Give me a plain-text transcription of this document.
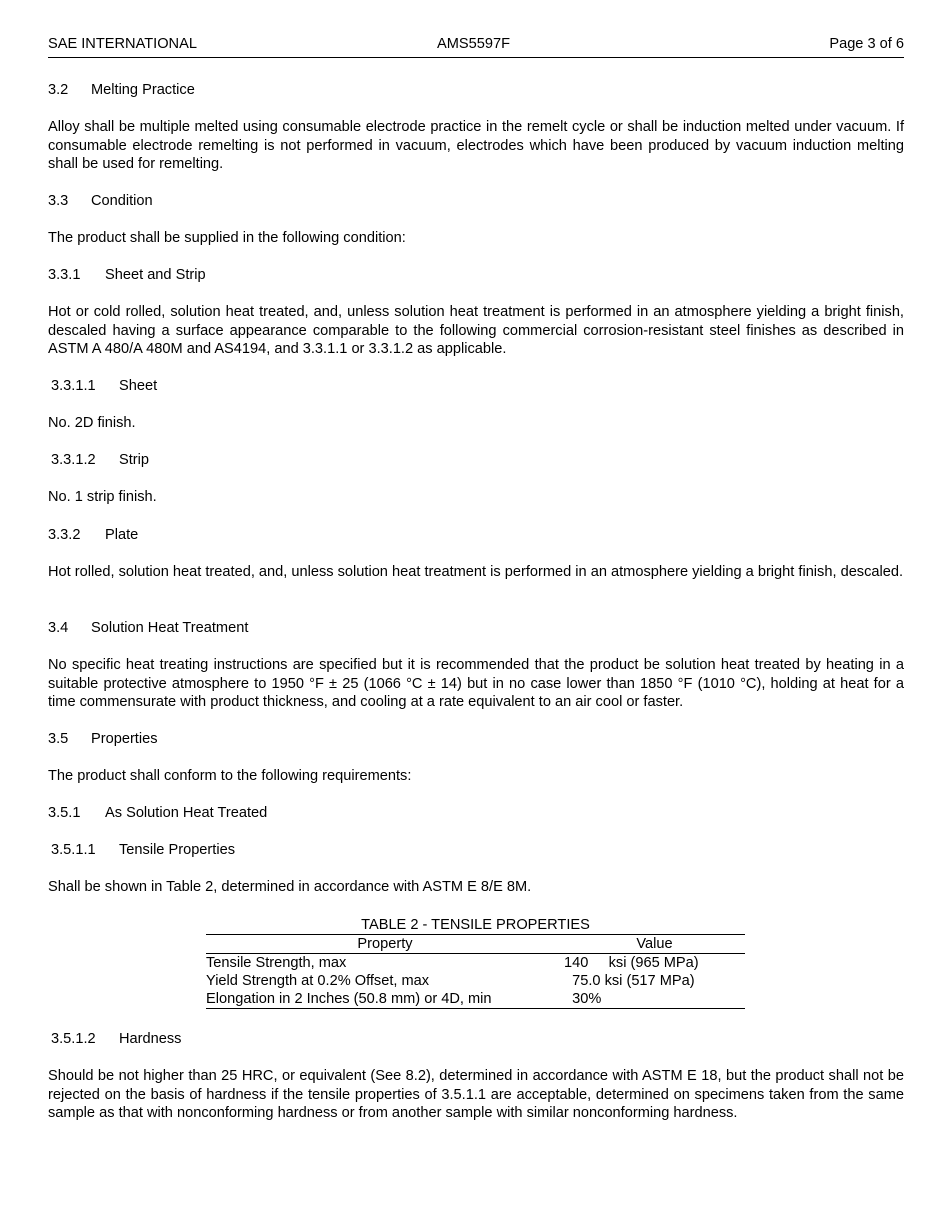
SAE INTERNATIONAL	AMS5597F	Page 3 of 6
3.2 Melting Practice
Alloy shall be multiple melted using consumable electrode practice in the remelt cycle or shall be induction melted under vacuum. If consumable electrode remelting is not performed in vacuum, electrodes which have been produced by vacuum induction melting shall be used for remelting.
3.3 Condition
The product shall be supplied in the following condition:
3.3.1 Sheet and Strip
Hot or cold rolled, solution heat treated, and, unless solution heat treatment is performed in an atmosphere yielding a bright finish, descaled having a surface appearance comparable to the following commercial corrosion-resistant steel finishes as described in ASTM A 480/A 480M and AS4194, and 3.3.1.1 or 3.3.1.2 as applicable.
3.3.1.1 Sheet
No. 2D finish.
3.3.1.2 Strip
No. 1 strip finish.
3.3.2 Plate
Hot rolled, solution heat treated, and, unless solution heat treatment is performed in an atmosphere yielding a bright finish, descaled.
3.4 Solution Heat Treatment
No specific heat treating instructions are specified but it is recommended that the product be solution heat treated by heating in a suitable protective atmosphere to 1950 °F ± 25 (1066 °C ± 14) but in no case lower than 1850 °F (1010 °C), holding at heat for a time commensurate with product thickness, and cooling at a rate equivalent to an air cool or faster.
3.5 Properties
The product shall conform to the following requirements:
3.5.1 As Solution Heat Treated
3.5.1.1 Tensile Properties
Shall be shown in Table 2, determined in accordance with ASTM E 8/E 8M.
TABLE 2 - TENSILE PROPERTIES
Property	Value
Tensile Strength, max	140     ksi (965 MPa)
Yield Strength at 0.2% Offset, max	75.0 ksi (517 MPa)
Elongation in 2 Inches (50.8 mm) or 4D, min	30%
3.5.1.2 Hardness
Should be not higher than 25 HRC, or equivalent (See 8.2), determined in accordance with ASTM E 18, but the product shall not be rejected on the basis of hardness if the tensile properties of 3.5.1.1 are acceptable, determined on specimens taken from the same sample as that with nonconforming hardness or from another sample with similar nonconforming hardness.
